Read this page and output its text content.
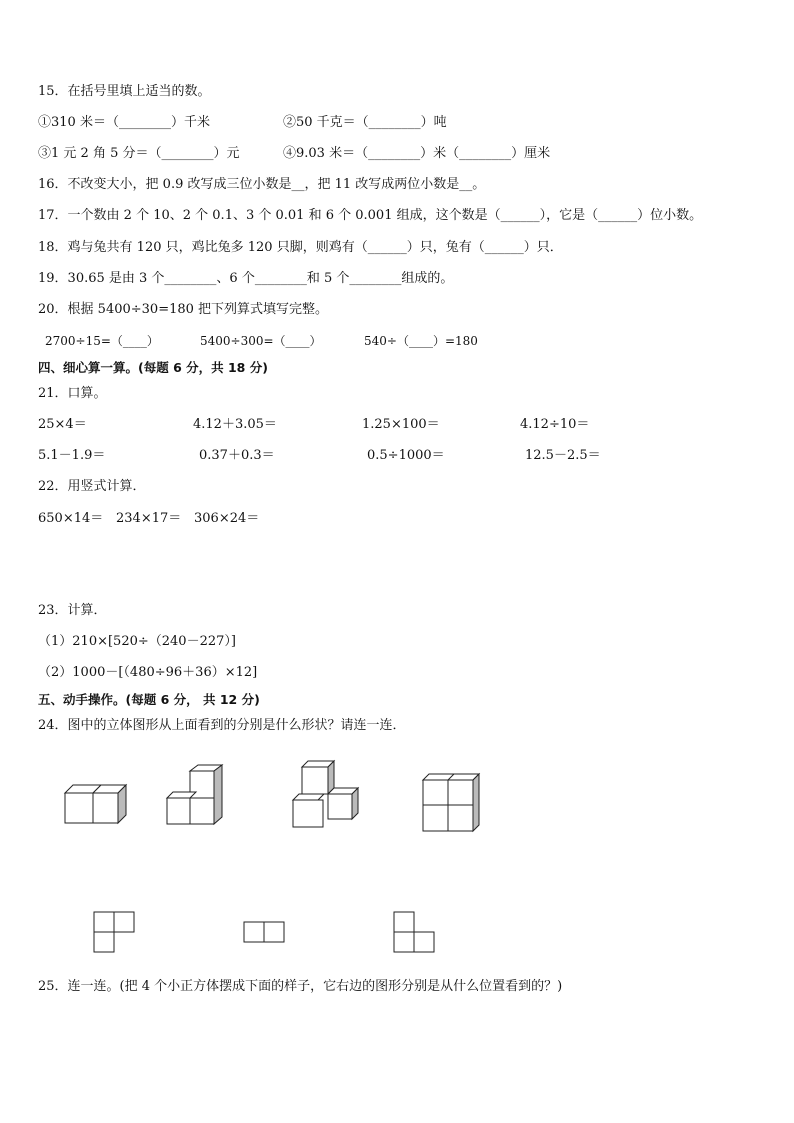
15．在括号里填上适当的数。
①310 米＝（________）千米	②50 千克＝（________）吨
③1 元 2 角 5 分＝（________）元	④9.03 米＝（________）米（________）厘米
16．不改变大小，把 0.9 改写成三位小数是__，把 11 改写成两位小数是__。
17．一个数由 2 个 10、2 个 0.1、3 个 0.01 和 6 个 0.001 组成，这个数是（______），它是（______）位小数。
18．鸡与兔共有 120 只，鸡比兔多 120 只脚，则鸡有（______）只，兔有（______）只．
19．30.65 是由 3 个________、6 个________和 5 个________组成的。
20．根据 5400÷30=180 把下列算式填写完整。
2700÷15=（____）	5400÷300=（____）	540÷（____）=180
四、细心算一算。(每题 6 分，共 18 分)
21．口算。
25×4＝	4.12＋3.05＝	1.25×100＝	4.12÷10＝
5.1－1.9＝	0.37＋0.3＝	0.5÷1000＝	12.5－2.5＝
22．用竖式计算．
650×14＝ 234×17＝ 306×24＝
23．计算．
（1）210×[520÷（240－227）]
（2）1000－[（480÷96＋36）×12]
五、动手操作。(每题 6 分， 共 12 分)
24．图中的立体图形从上面看到的分别是什么形状？请连一连．
25．连一连。(把 4 个小正方体摆成下面的样子，它右边的图形分别是从什么位置看到的？)
